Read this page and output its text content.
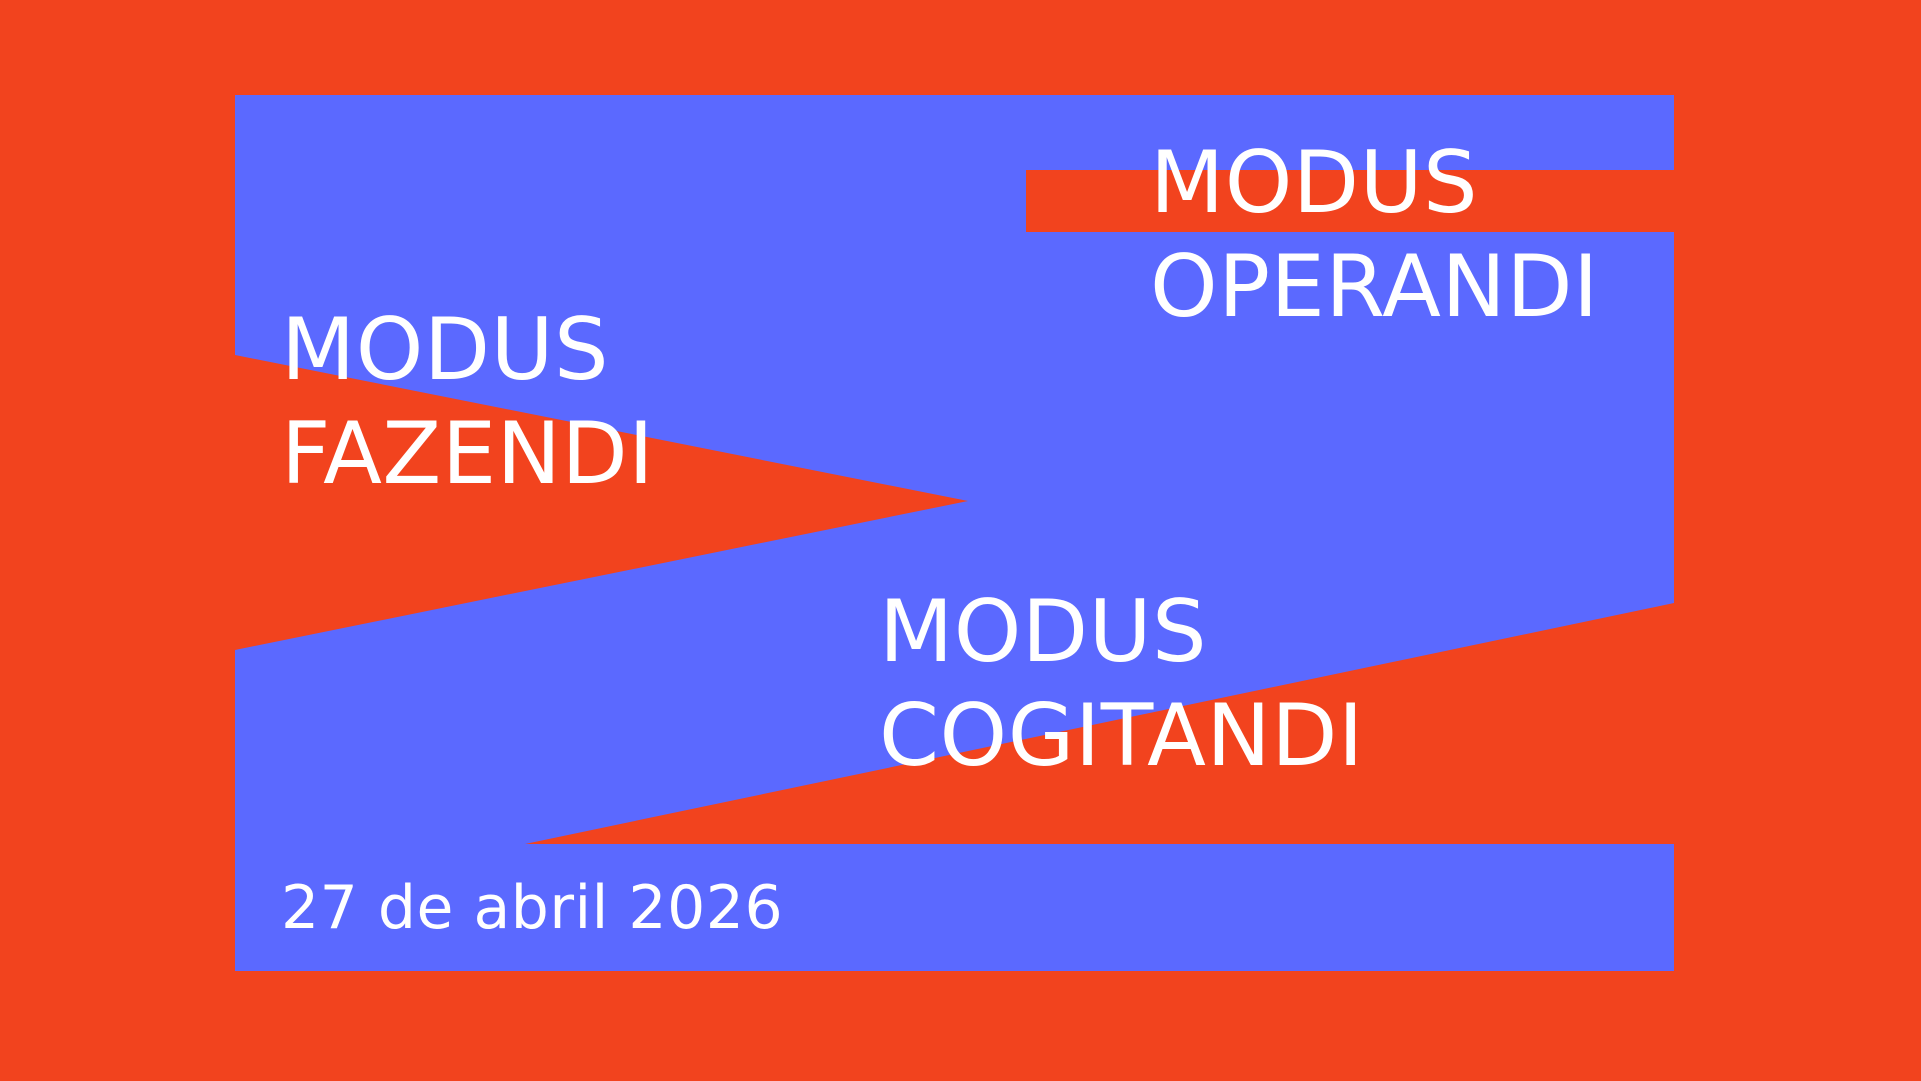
MODUS
OPERANDI
MODUS
FAZENDI
MODUS
COGITANDI
27 de abril 2026
